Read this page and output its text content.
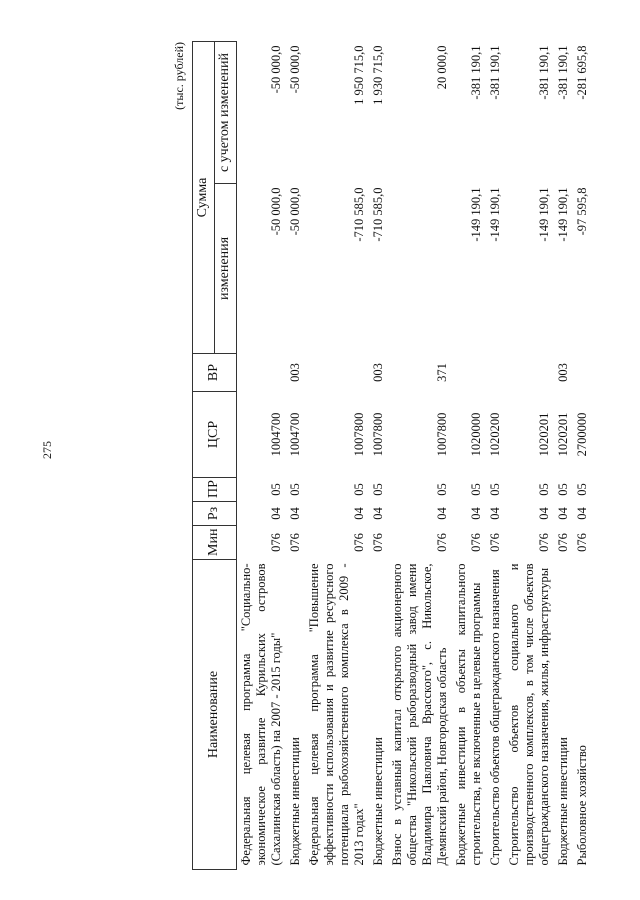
275
(тыс. рублей)
Наименование	Мин	Рз	ПР	ЦСР	ВР	Сумма	
						изменения	с учетом изменений
Федеральная целевая программа "Социально-экономическое развитие Курильских островов (Сахалинская область) на 2007 - 2015 годы"	076	04	05	1004700		-50 000,0	-50 000,0
Бюджетные инвестиции	076	04	05	1004700	003	-50 000,0	-50 000,0
Федеральная целевая программа "Повышение эффективности использования и развитие ресурсного потенциала рыбохозяйственного комплекса в 2009 - 2013 годах"	076	04	05	1007800		-710 585,0	1 950 715,0
Бюджетные инвестиции	076	04	05	1007800	003	-710 585,0	1 930 715,0
Взнос в уставный капитал открытого акционерного общества "Никольский рыборазводный завод имени Владимира Павловича Врасского", с. Никольское, Демянский район, Новгородская область	076	04	05	1007800	371		20 000,0
Бюджетные инвестиции в объекты капитального строительства, не включенные в целевые программы	076	04	05	1020000		-149 190,1	-381 190,1
Строительство объектов общегражданского назначения	076	04	05	1020200		-149 190,1	-381 190,1
Строительство объектов социального и производственного комплексов, в том числе объектов общегражданского назначения, жилья, инфраструктуры	076	04	05	1020201		-149 190,1	-381 190,1
Бюджетные инвестиции	076	04	05	1020201	003	-149 190,1	-381 190,1
Рыболовное хозяйство	076	04	05	2700000		-97 595,8	-281 695,8
